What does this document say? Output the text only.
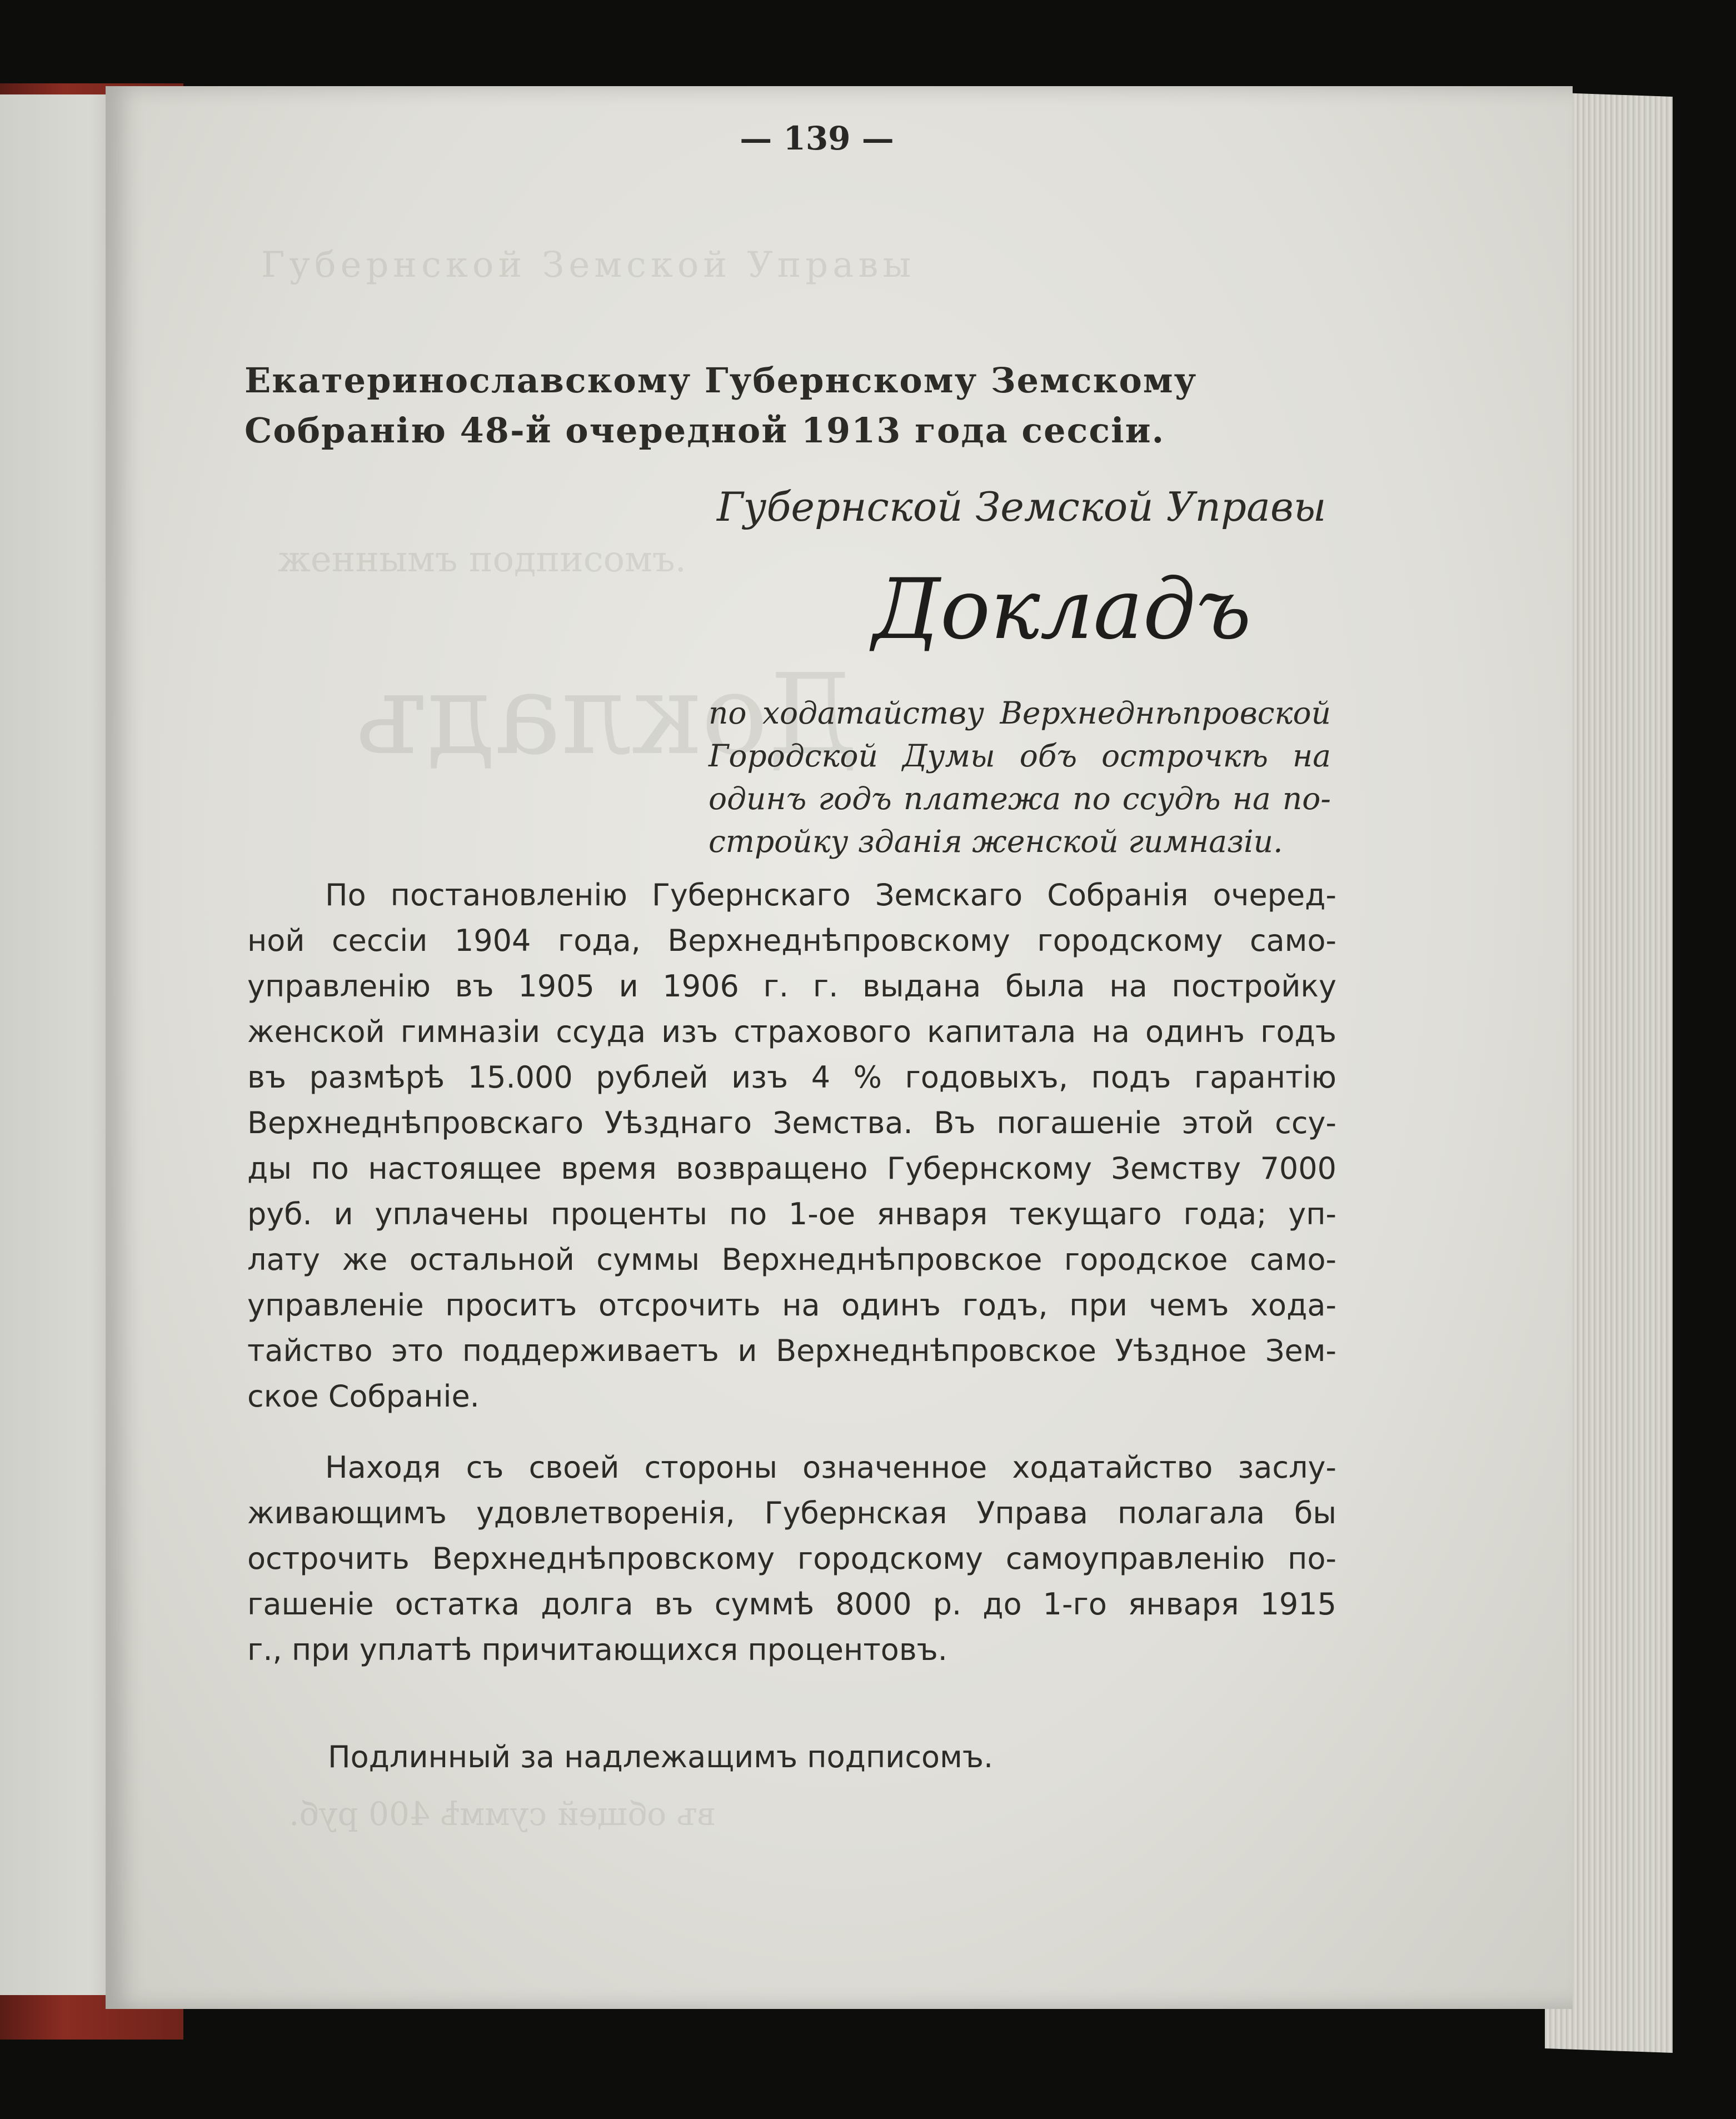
Губернской Земской Управы
женнымъ подписомъ.
Докладъ
въ общей суммѣ 400 руб.
— 139 —
Екатеринославскому Губернскому Земскому
Собранію 48-й очередной 1913 года сессіи.
Губернской Земской Управы
Докладъ
по ходатайству Верхнеднѣпровской
Городской Думы объ острочкѣ на
одинъ годъ платежа по ссудѣ на по-
стройку зданія женской гимназіи.
По постановленію Губернскаго Земскаго Собранія очеред-
ной сессіи 1904 года, Верхнеднѣпровскому городскому само-
управленію въ 1905 и 1906 г. г. выдана была на постройку
женской гимназіи ссуда изъ страхового капитала на одинъ годъ
въ размѣрѣ 15.000 рублей изъ 4 % годовыхъ, подъ гарантію
Верхнеднѣпровскаго Уѣзднаго Земства. Въ погашеніе этой ссу-
ды по настоящее время возвращено Губернскому Земству 7000
руб. и уплачены проценты по 1-ое января текущаго года; уп-
лату же остальной суммы Верхнеднѣпровское городское само-
управленіе проситъ отсрочить на одинъ годъ, при чемъ хода-
тайство это поддерживаетъ и Верхнеднѣпровское Уѣздное Зем-
ское Собраніе.
Находя съ своей стороны означенное ходатайство заслу-
живающимъ удовлетворенія, Губернская Управа полагала бы
острочить Верхнеднѣпровскому городскому самоуправленію по-
гашеніе остатка долга въ суммѣ 8000 р. до 1-го января 1915
г., при уплатѣ причитающихся процентовъ.
Подлинный за надлежащимъ подписомъ.
